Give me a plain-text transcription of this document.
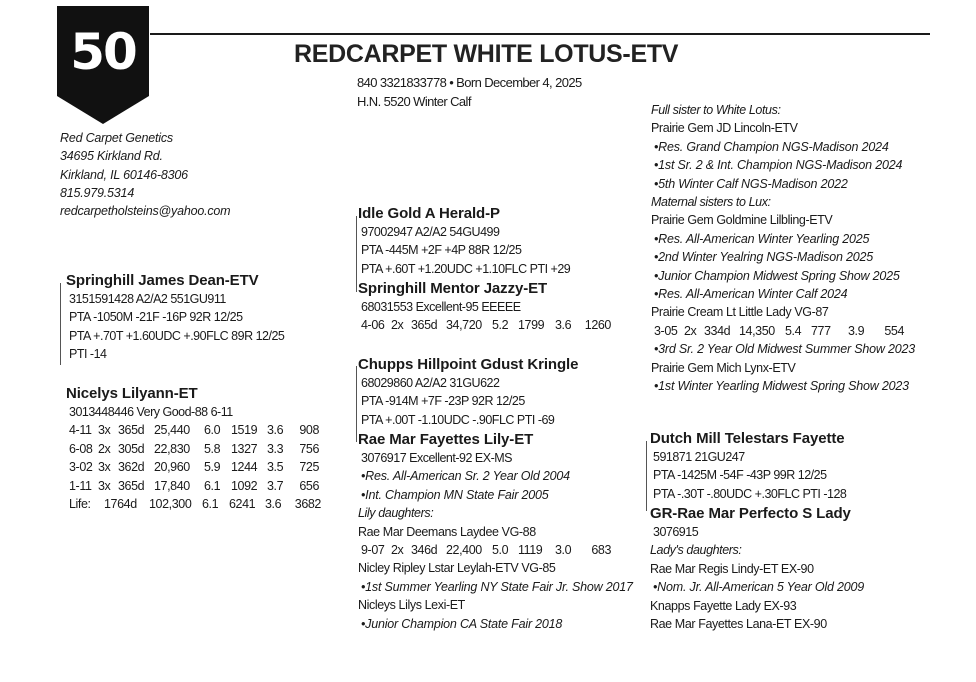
50	REDCARPET WHITE LOTUS-ETV
840 3321833778 • Born December 4, 2025
H.N. 5520 Winter Calf
Red Carpet Genetics
34695 Kirkland Rd.
Kirkland, IL 60146-8306
815.979.5314
redcarpetholsteins@yahoo.com
Springhill James Dean-ETV
3151591428 A2/A2 551GU911
PTA -1050M -21F -16P 92R 12/25
PTA +.70T +1.60UDC +.90FLC 89R 12/25
PTI -14
Nicelys Lilyann-ET
3013448446 Very Good-88 6-11
4-11 3x 365d 25,440	6.0 1519 3.6	908
6-08 2x 305d 22,830	5.8 1327 3.3	756
3-02 3x 362d 20,960	5.9 1244 3.5	725
1-11 3x 365d 17,840	6.1 1092 3.7	656
Life:	1764d 102,300 6.1 6241 3.6	3682
Idle Gold A Herald-P
97002947 A2/A2 54GU499
PTA -445M +2F +4P 88R 12/25
PTA +.60T +1.20UDC +1.10FLC PTI +29
Springhill Mentor Jazzy-ET
68031553 Excellent-95 EEEEE
4-06 2x 365d 34,720 5.2 1799 3.6	1260
Chupps Hillpoint Gdust Kringle
68029860 A2/A2 31GU622
PTA -914M +7F -23P 92R 12/25
PTA +.00T -1.10UDC -.90FLC PTI -69
Rae Mar Fayettes Lily-ET
3076917 Excellent-92 EX-MS
•Res. All-American Sr. 2 Year Old 2004
•Int. Champion MN State Fair 2005
Lily daughters:
Rae Mar Deemans Laydee VG-88
9-07 2x 346d 22,400 5.0 1119	3.0	683
Nicley Ripley Lstar Leylah-ETV VG-85
•1st Summer Yearling NY State Fair Jr. Show 2017
Nicleys Lilys Lexi-ET
•Junior Champion CA State Fair 2018
Full sister to White Lotus:
Prairie Gem JD Lincoln-ETV
•Res. Grand Champion NGS-Madison 2024
•1st Sr. 2 & Int. Champion NGS-Madison 2024
•5th Winter Calf NGS-Madison 2022
Maternal sisters to Lux:
Prairie Gem Goldmine Lilbling-ETV
•Res. All-American Winter Yearling 2025
•2nd Winter Yealring NGS-Madison 2025
•Junior Champion Midwest Spring Show 2025
•Res. All-American Winter Calf 2024
Prairie Cream Lt Little Lady VG-87
3-05 2x 334d 14,350 5.4 777	3.9	554
•3rd Sr. 2 Year Old Midwest Summer Show 2023
Prairie Gem Mich Lynx-ETV
•1st Winter Yearling Midwest Spring Show 2023
Dutch Mill Telestars Fayette
591871 21GU247
PTA -1425M -54F -43P 99R 12/25
PTA -.30T -.80UDC +.30FLC PTI -128
GR-Rae Mar Perfecto S Lady
3076915
Lady's daughters:
Rae Mar Regis Lindy-ET EX-90
•Nom. Jr. All-American 5 Year Old 2009
Knapps Fayette Lady EX-93
Rae Mar Fayettes Lana-ET EX-90
